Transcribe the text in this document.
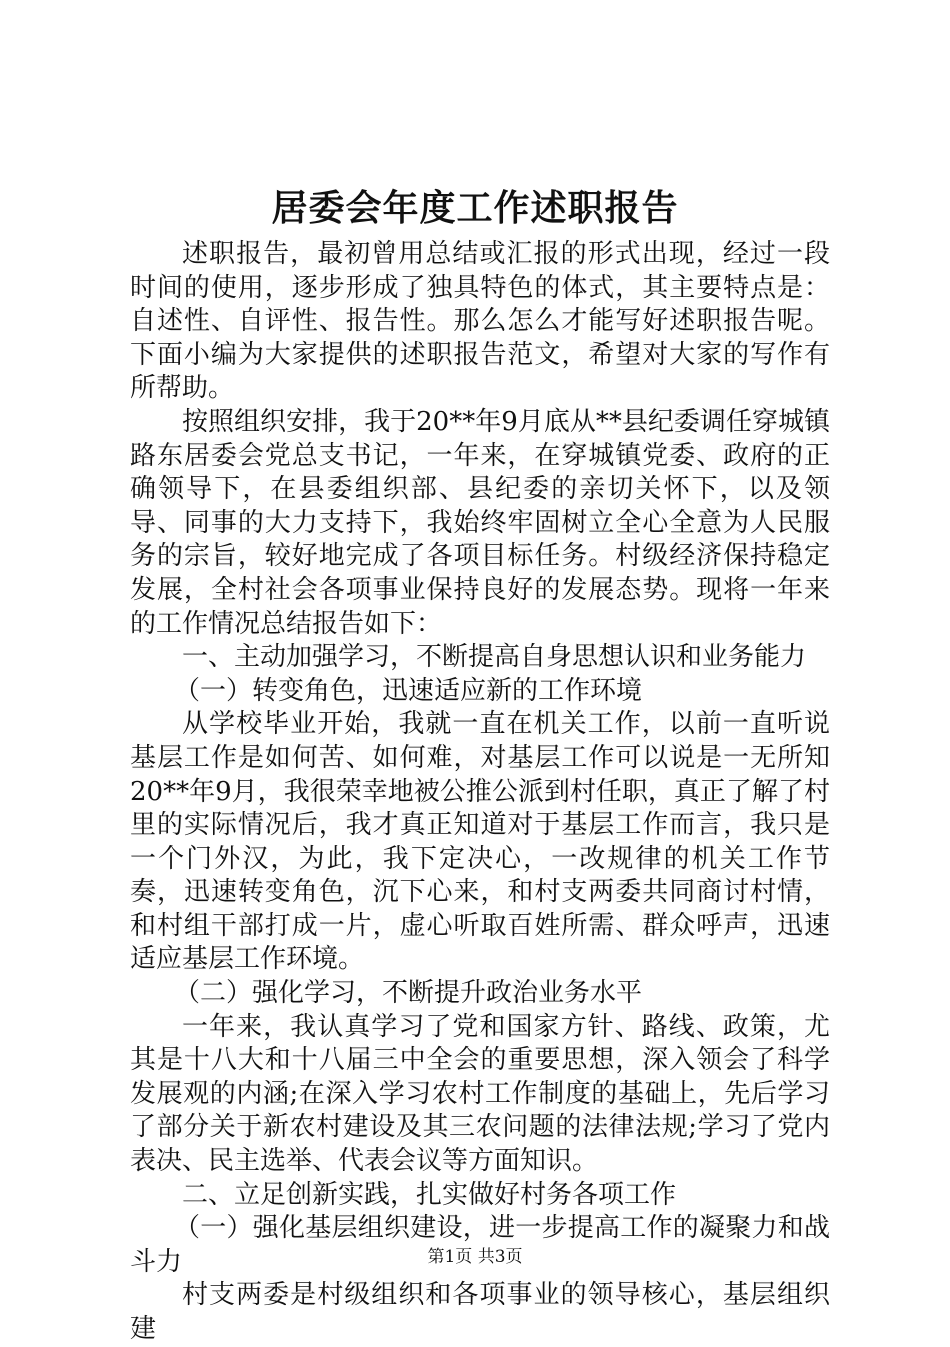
居委会年度工作述职报告

述职报告，最初曾用总结或汇报的形式出现，经过一段时间的使用，逐步形成了独具特色的体式，其主要特点是：自述性、自评性、报告性。那么怎么才能写好述职报告呢。下面小编为大家提供的述职报告范文，希望对大家的写作有所帮助。

按照组织安排，我于20**年9月底从**县纪委调任穿城镇路东居委会党总支书记，一年来，在穿城镇党委、政府的正确领导下，在县委组织部、县纪委的亲切关怀下，以及领导、同事的大力支持下，我始终牢固树立全心全意为人民服务的宗旨，较好地完成了各项目标任务。村级经济保持稳定发展，全村社会各项事业保持良好的发展态势。现将一年来的工作情况总结报告如下：

一、主动加强学习，不断提高自身思想认识和业务能力

（一）转变角色，迅速适应新的工作环境

从学校毕业开始，我就一直在机关工作，以前一直听说基层工作是如何苦、如何难，对基层工作可以说是一无所知20**年9月，我很荣幸地被公推公派到村任职，真正了解了村里的实际情况后，我才真正知道对于基层工作而言，我只是一个门外汉，为此，我下定决心，一改规律的机关工作节奏，迅速转变角色，沉下心来，和村支两委共同商讨村情，和村组干部打成一片，虚心听取百姓所需、群众呼声，迅速适应基层工作环境。

（二）强化学习，不断提升政治业务水平

一年来，我认真学习了党和国家方针、路线、政策，尤其是十八大和十八届三中全会的重要思想，深入领会了科学发展观的内涵;在深入学习农村工作制度的基础上，先后学习了部分关于新农村建设及其三农问题的法律法规;学习了党内表决、民主选举、代表会议等方面知识。

二、立足创新实践，扎实做好村务各项工作

（一）强化基层组织建设，进一步提高工作的凝聚力和战斗力

村支两委是村级组织和各项事业的领导核心，基层组织建

第1页 共3页
